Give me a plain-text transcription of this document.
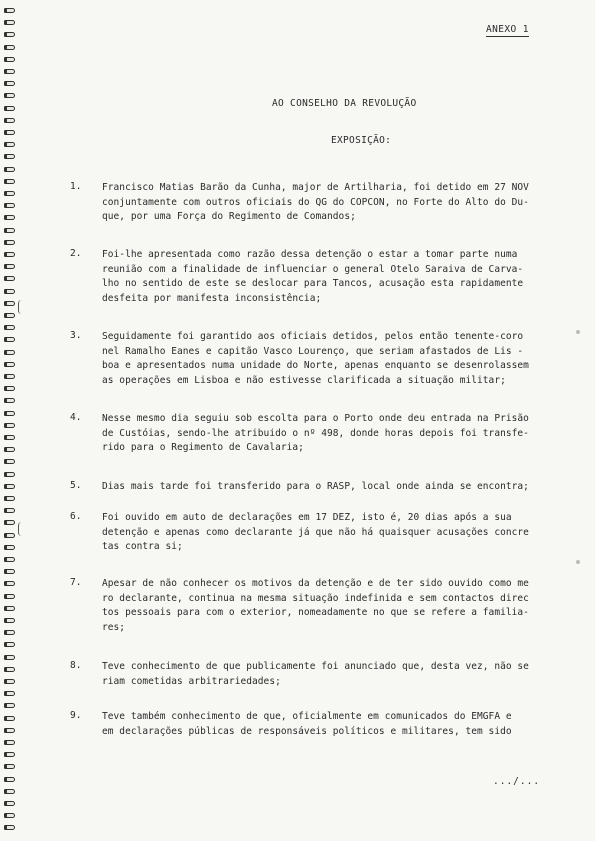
ANEXO 1
AO CONSELHO DA REVOLUÇÃO
EXPOSIÇÃO:
1. Francisco Matias Barão da Cunha, major de Artilharia, foi detido em 27 NOV
conjuntamente com outros oficiais do QG do COPCON, no Forte do Alto do Du-
que, por uma Força do Regimento de Comandos;
2. Foi-lhe apresentada como razão dessa detenção o estar a tomar parte numa
reunião com a finalidade de influenciar o general Otelo Saraiva de Carva-
lho no sentido de este se deslocar para Tancos, acusação esta rapidamente
desfeita por manifesta inconsistência;
3. Seguidamente foi garantido aos oficiais detidos, pelos então tenente-coro
nel Ramalho Eanes e capitão Vasco Lourenço, que seriam afastados de Lis -
boa e apresentados numa unidade do Norte, apenas enquanto se desenrolassem
as operações em Lisboa e não estivesse clarificada a situação militar;
4. Nesse mesmo dia seguiu sob escolta para o Porto onde deu entrada na Prisão
de Custóias, sendo-lhe atribuido o nº 498, donde horas depois foi transfe-
rido para o Regimento de Cavalaria;
5. Dias mais tarde foi transferido para o RASP, local onde ainda se encontra;
6. Foi ouvido em auto de declarações em 17 DEZ, isto é, 20 dias após a sua
detenção e apenas como declarante já que não há quaisquer acusações concre
tas contra si;
7. Apesar de não conhecer os motivos da detenção e de ter sido ouvido como me
ro declarante, continua na mesma situação indefinida e sem contactos direc
tos pessoais para com o exterior, nomeadamente no que se refere a familia-
res;
8. Teve conhecimento de que publicamente foi anunciado que, desta vez, não se
riam cometidas arbitrariedades;
9. Teve também conhecimento de que, oficialmente em comunicados do EMGFA e
em declarações públicas de responsáveis políticos e militares, tem sido
.../...
